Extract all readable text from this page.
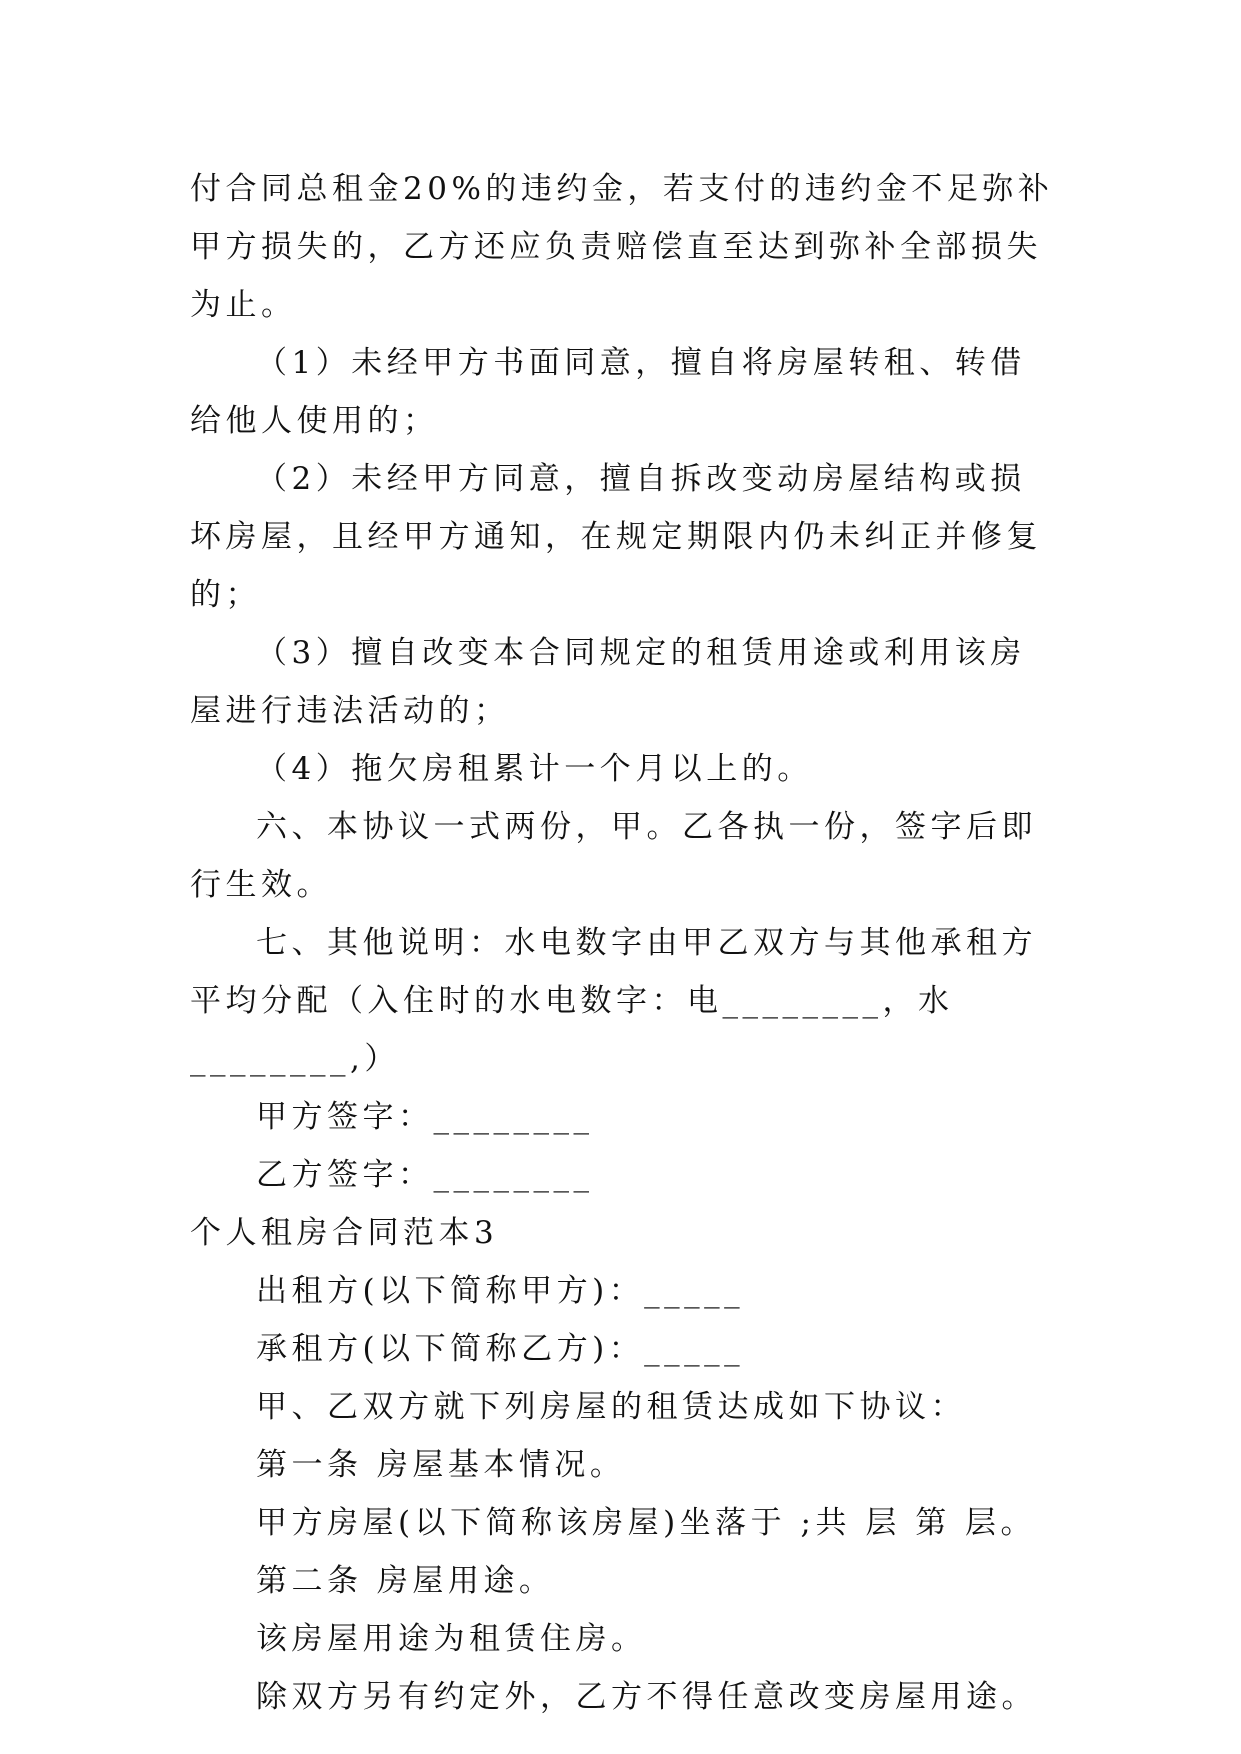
付合同总租金20%的违约金，若支付的违约金不足弥补甲方损失的，乙方还应负责赔偿直至达到弥补全部损失为止。

（1）未经甲方书面同意，擅自将房屋转租、转借给他人使用的；

（2）未经甲方同意，擅自拆改变动房屋结构或损坏房屋，且经甲方通知，在规定期限内仍未纠正并修复的；

（3）擅自改变本合同规定的租赁用途或利用该房屋进行违法活动的；

（4）拖欠房租累计一个月以上的。

六、本协议一式两份，甲。乙各执一份，签字后即行生效。

七、其他说明：水电数字由甲乙双方与其他承租方平均分配（入住时的水电数字：电________，水________,）

甲方签字：________

乙方签字：________

个人租房合同范本3

出租方(以下简称甲方)：_____

承租方(以下简称乙方)：_____

甲、乙双方就下列房屋的租赁达成如下协议：

第一条 房屋基本情况。

甲方房屋(以下简称该房屋)坐落于 ;共 层 第 层。

第二条 房屋用途。

该房屋用途为租赁住房。

除双方另有约定外，乙方不得任意改变房屋用途。
